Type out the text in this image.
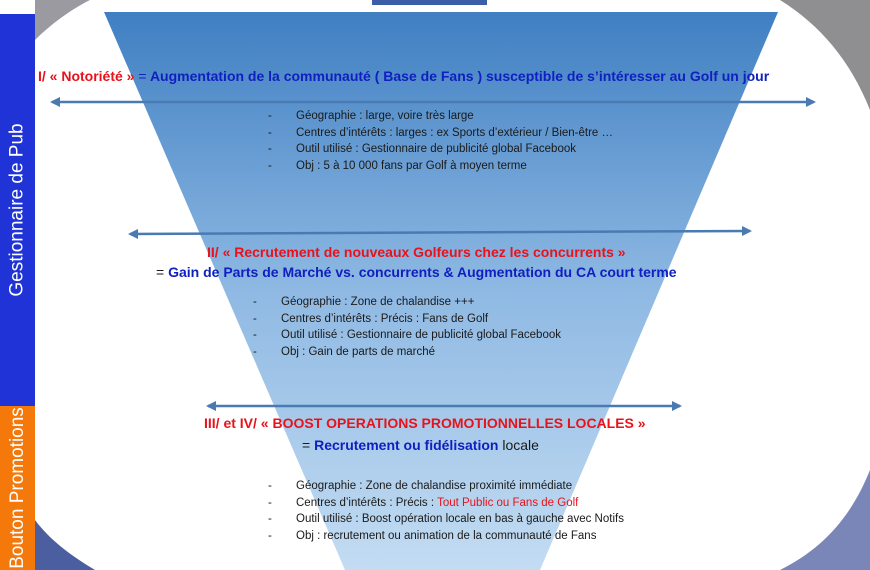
Gestionnaire de Pub
Bouton Promotions
I/ « Notoriété » = Augmentation de la communauté ( Base de Fans ) susceptible de s’intéresser au Golf un jour
- Géographie : large, voire très large
- Centres d’intérêts : larges : ex Sports d’extérieur / Bien-être …
- Outil utilisé : Gestionnaire de publicité global Facebook
- Obj : 5 à 10 000 fans par Golf à moyen terme
II/ « Recrutement de nouveaux Golfeurs chez les concurrents »
= Gain de Parts de Marché vs. concurrents & Augmentation du CA court terme
- Géographie : Zone de chalandise +++
- Centres d’intérêts : Précis : Fans de Golf
- Outil utilisé : Gestionnaire de publicité global Facebook
- Obj : Gain de parts de marché
III/ et IV/ « BOOST OPERATIONS PROMOTIONNELLES LOCALES »
= Recrutement ou fidélisation locale
- Géographie : Zone de chalandise proximité immédiate
- Centres d’intérêts : Précis : Tout Public ou Fans de Golf
- Outil utilisé : Boost opération locale en bas à gauche avec Notifs
- Obj : recrutement ou animation de la communauté de Fans
